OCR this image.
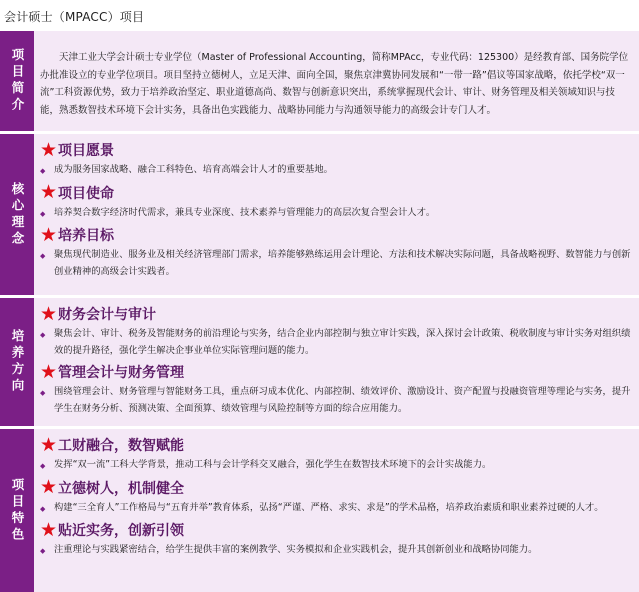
会计硕士（MPACC）项目
项目简介	天津工业大学会计硕士专业学位（Master of Professional Accounting，简称MPAcc，专业代码：125300）是经教育部、国务院学位办批准设立的专业学位项目。项目坚持立德树人，立足天津、面向全国，聚焦京津冀协同发展和“一带一路”倡议等国家战略，依托学校“双一流”工科资源优势，致力于培养政治坚定、职业道德高尚、数智与创新意识突出，系统掌握现代会计、审计、财务管理及相关领域知识与技能，熟悉数智技术环境下会计实务，具备出色实践能力、战略协同能力与沟通领导能力的高级会计专门人才。

核心理念
★ 项目愿景
◆ 成为服务国家战略、融合工科特色、培育高端会计人才的重要基地。
★ 项目使命
◆ 培养契合数字经济时代需求，兼具专业深度、技术素养与管理能力的高层次复合型会计人才。
★ 培养目标
◆ 聚焦现代制造业、服务业及相关经济管理部门需求，培养能够熟练运用会计理论、方法和技术解决实际问题，具备战略视野、数智能力与创新创业精神的高级会计实践者。
培养方向
★ 财务会计与审计
◆ 聚焦会计、审计、税务及智能财务的前沿理论与实务，结合企业内部控制与独立审计实践，深入探讨会计政策、税收制度与审计实务对组织绩效的提升路径，强化学生解决企事业单位实际管理问题的能力。
★ 管理会计与财务管理
◆ 围绕管理会计、财务管理与智能财务工具，重点研习成本优化、内部控制、绩效评价、激励设计、资产配置与投融资管理等理论与实务，提升学生在财务分析、预测决策、全面预算、绩效管理与风险控制等方面的综合应用能力。
项目特色
★ 工财融合，数智赋能
◆ 发挥“双一流”工科大学背景，推动工科与会计学科交叉融合，强化学生在数智技术环境下的会计实战能力。
★ 立德树人，机制健全
◆ 构建“三全育人”工作格局与“五育并举”教育体系，弘扬“严谨、严格、求实、求是”的学术品格，培养政治素质和职业素养过硬的人才。
★ 贴近实务，创新引领
◆ 注重理论与实践紧密结合，给学生提供丰富的案例教学、实务模拟和企业实践机会，提升其创新创业和战略协同能力。
